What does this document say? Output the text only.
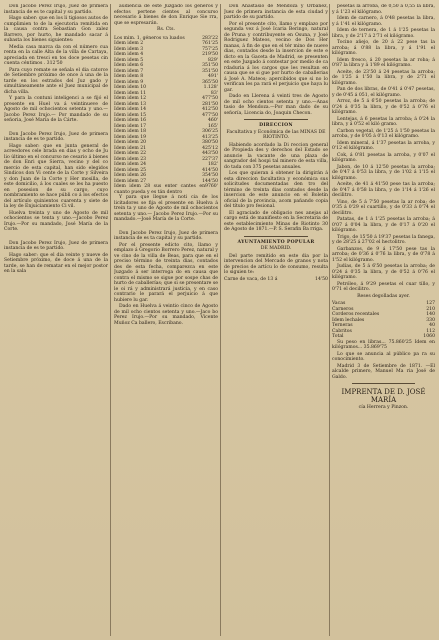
Don Jacobo Perez Irujo, Juez de primera instancia de es te capital y su partido.

Hago saber: que en los li tigiosos autos de cumplimien to de la ejecutoria remitida en la causa contra Sebastian Gon zalez Barrero, por hurto, he mandado sacar á subasta los bienes siguientes:

Media casa marca da con el número cua renta en la calle Alta de la villa de Cartaya, apreciada en tresci en tos doce pesetas cin cuenta céntimos . 312'50

Para cuyo remate se señala el dia catorce de Setiembre próximo de once á una de la tarde en los estrados del Juz gado y simultáneamente ante el Juez municipal de dicha villa.

Y para la contuni inteligenci a se fijó el presente en Huel va á veintinueve de Agosto de mil ochocientos setenta y uno.—Jacobo Perez Irujo.— Por mandado de su señoria, José María de la Cárte.

Don Jacobo Perez Irujo, Juez de primera instancia de es te partido.

Hago saber: que en junta general de acreedores cele brada en dias y ocho de Ju lio último en el concurso ne cesario á bienes de don Enri que Sierra, vecino y del co mercio de esta capital, han sido elegidos Sindicos don Vi cente de la Corte y Silveira y don Juan de la Corte y Her mosilla, de este domicilio, á los cuales se les ha puesto en posesion de su cargo, cuyo nombramiento se hace públi co á los efectos del artículo quinientos cuarenta y siete de la ley de Enjuiciamiento Ci vil.

Huelva treinta y uno de Agosto de mil ochocientos se tenta y uno.—Jacobo Perez Irujo.—Por su mandado, José María de la Corte.

Don Jacobo Perez Irujo, Juez de primera instancia de es te partido.

Hago saber: que el dia veinte y nueve de Setiembre próximo, de doce á una de la tarde, se han de rematar en el mejor postor en la sala

audiencia de este Juzgado los géneros y efectos pertene cientes al concurso necesario á bienes de don Enrique Sie rra, que se espresarán.

Rs. Cts.

Los mim. 1, géneros va luados	283'22
Idem idem 2	761'25
Idem idem 3	757'25
Idem idem 4	219'50
Idem idem 5	829'
Idem idem 6	351'50
Idem idem 7	351'50
Idem idem 8	491'
Idem idem 9	365'50
Idem idem 10	1.128'
Idem idem 11	83'
Idem idem 12	477'50
Idem idem 13	281'50
Idem idem 14	412'50
Idem idem 15	477'50
Idem idem 16	460'
Idem idem 17	165'
Idem idem 18	306'25
Idem idem 19	413'25
Idem idem 20	380'50
Idem idem 21	425'12
Idem idem 22	443'50
Idem idem 23	227'37
Idem idem 24	182'
Idem idem 25	414'50
Idem idem 26	354'50
Idem idem 27	144'50
Idem idem 28 sus enter cantes en cuanto pueda y es tán dentro
9760'

Y para que llegue á noti cia de los licitadores se fija el presente en Huelva á trein ta y uno de Agosto de mil ochocientos setenta y uno.— Jacobo Perez Irujo.—Por su mandado.—José María de la Corte.

Don Jacobo Perez Irujo, Juez de primera instancia de es ta capital y su partido.

Por el presente edicto cito, llamo y emplazo á Gregorio Borrero Perez, natural y ve cino de la villa de Beas, para que en el preciso término de treinta dias, contados des de esta fecha, comparezca en este Juzgado á ser interroga do en causa que contra el mismo se sigue por sospe chas de hurto de caballerías; que si se presentare se le oi rá y administrará justicia, y en caso contrario le parará el perjuicio á que hubiere lu gar.

Dado en Huelva á veintio cinco de Agosto de mil ocho cientos setenta y uno.—Jaco bo Perez Irujo.—Por su mandado, Vicente Muñoz Ca ballero, Escribano.

Don Anastasio de Mendoza y Orbañez, Juez de primera instancia de esta ciudad y partido de su partido.

Por el presente cito, llamo y emplazo por segunda vez á José Icaria Beringo, natural de Pruna y contribuyente en Osuna, y José Rodriguez Mateos, vecino de Dos Her manas, á fin de que en el tér mino de nueve dias, contados desde la insercion de este e dicto en la Gaceta de Madrid, se presenten en este Juzgado á contestar por medio de ca rdaduria á los cargos que les resultan en causa que se si gue por hurto de caballerias á José A. Mateos; apercibidos que si no lo verifican les pa rará el perjuicio que haya lu gar.

Dado en Llerena á veinti tres de Agosto de mil ocho cientos setenta y uno.—Anas tasio de Mendoza.—Por man dado de su señoría, Licencia do, Joaquin Checon.

DIRECCION

Facultativa y Económica de las MINAS DE RIOTINTO.

Habiendo acordado la Di reccion general de Propieda des y derechos del Estado se anuncie la vacante de una plaza de sangrador del hospi tal minero de esta villa, do tada con 375 pesetas anuales.

Los que quieran á obtener la dirigirán á esta direccion facultativa y económica sus solicitudes documentadas den tro del término de treinta dias contados desde la insercion de este anuncio en el Boletín oficial de la provincia, acom pañando copia del título pro fesional.

El agraciado de obligacio nes anejas al cargo está de manifiesto en la Secretaria de este establecimiento Minas de Riotinto 30 de Agosto de 1871.—P. S. Serafin Ba rriga.

AYUNTAMIENTO POPULAR

DE MADRID.

Del parte remitido en este dia por la intervencion del Mercado de granos y nota de precios de artícu lo de consumo, resulta lo siguien te:

Carne de vaca, de 13 á	14'50

pesetas la arroba, de 0,50 á 0,55 la libra, y á 1'23 el kilógramo.

Idem de carnero, á 0'48 pesetas la libra, y á 1'41 el kilógramo.

Idem de ternera, de 1 á 1'25 pesetas la libra, y de 2'17 á 2'71 el kilógramo.

Tocino añejo, de 20 á 22 pese tas la arroba; á 0'88 la libra, y á 1'91 el kilógramo.

Idem fresco, á 20 pesetas la ar roba; á 0'87 la libra y á 1'89 el kilógramo.

Aceite, de 23'50 á 24 pesetas la arroba; de 1'25 á 1'50 la libra, y de 2'71 el kilógramo.

Pan de dos libras, de 0'41 á 0'47 pesetas, y de 0'45 á 051, el kilógramo.

Arroz, de 5 á 6'50 pesetas la arroba; de 0'24 á 0'35 la libra, y de 0'52 á 0'76 el kilógramo.

Lentejas, á 6 pesetas la arroba; á 0'24 la libra, y á 0'52 el kiló gramo.

Carbon vegetal, de 1'25 á 1'50 pesetas la arroba, y de 0'05 á 0'13 el kilógramo.

Idem mineral, á 1'37 pesetas la arroba, y 0'12 el kilógramo.

Cok, á 0'81 pesetas la arroba, y 0'07 el kilógramo.

Jabon, de 10 á 12'50 pesetas la arroba; de 0'47 á 0'53 la libra, y de 1'02 á 1'15 el kilógramo.

Aceite, de 41 á 41'50 pese tas la arroba; de 0'47 á 0'58 la libra, y de 1'14 á 1'26 el decilitro.

Vino, de 5 á 7'50 pesetas la ar roba; de 0'35 á 0'29 el cuartillo, y de 0'33 á 0'74 el decilitro.

Patatas, de 1 á 1'25 pesetas la arroba; á 0'07 á 0'04 la libra, y de 0'17 á 0'20 el kilógramo.

Trigo, de 15'50 á 19'37 pesetas la fanega, y de 28'25 á 27'02 el hectolitro.

Garbanzos, de 9 á 17'50 pese tas la arroba; de 0'36 á 0'76 la libra, y de 0'78 á 1'52 el kilógramo.

Judías, de 5 á 6'50 pesetas la arroba; de 0'24 á 0'35 la libra, y de 0'52 á 0'76 el kilógramo.

Petróleo, á 9'29 pesetas el cuar tillo, y 0'71 el decilitro.

Reses degolladas ayer.

Vacas	127
Carneros	210
Corderos recentales	140
Idem lechales	330
Terneras	40
Cabritos	112
Total	1060

Su peso en libras... 75.860'25 Idem en kilógramos... 35.869'75

Lo que se anuncia al público pa ra su conocimiento.

Madrid 3 de Setiembre de 1871. —El alcalde primero, Manuel Ma ria José de Galdo.

IMPRENTA DE D. JOSÉ MARÍA

cía Herrera y Pinzon.
